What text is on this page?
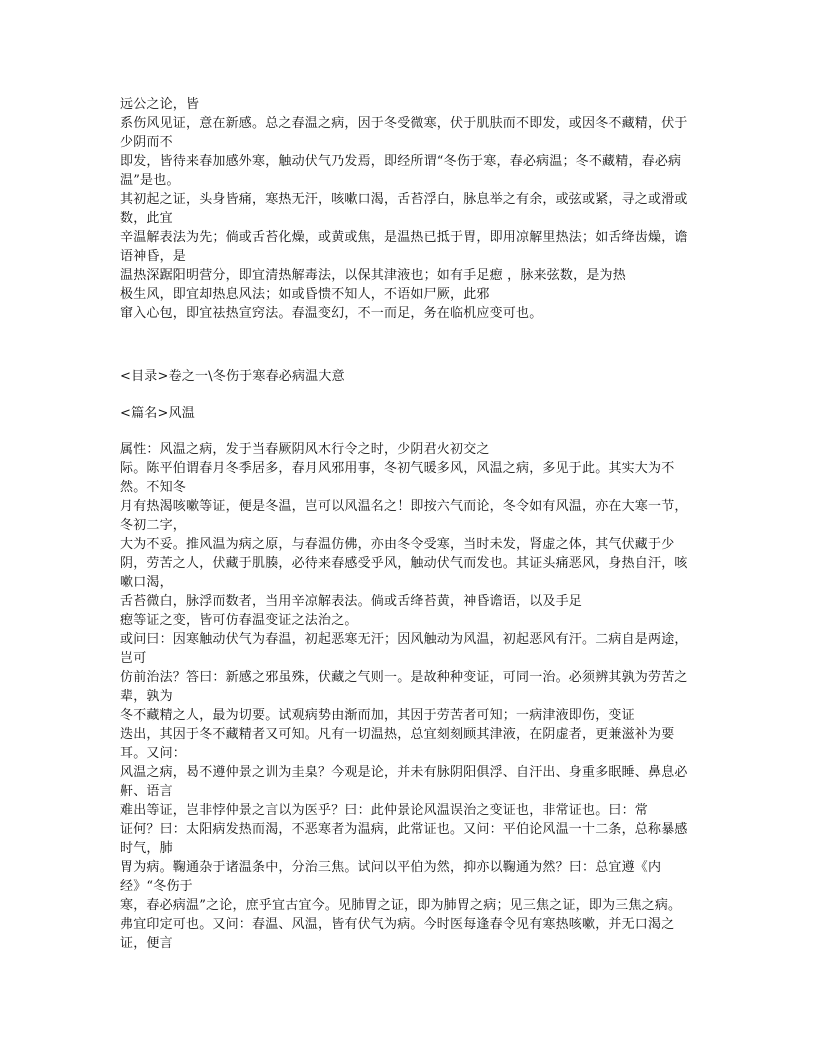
远公之论，皆
系伤风见证，意在新感。总之春温之病，因于冬受微寒，伏于肌肤而不即发，或因冬不藏精，伏于少阴而不
即发，皆待来春加感外寒，触动伏气乃发焉，即经所谓“冬伤于寒，春必病温；冬不藏精，春必病温”是也。
其初起之证，头身皆痛，寒热无汗，咳嗽口渴，舌苔浮白，脉息举之有余，或弦或紧，寻之或滑或数，此宜
辛温解表法为先；倘或舌苔化燥，或黄或焦，是温热已抵于胃，即用凉解里热法；如舌绛齿燥，谵语神昏，是
温热深踞阳明营分，即宜清热解毒法，以保其津液也；如有手足瘛 ，脉来弦数，是为热
极生风，即宜却热息风法；如或昏愦不知人，不语如尸厥，此邪
窜入心包，即宜祛热宣窍法。春温变幻，不一而足，务在临机应变可也。
<目录>卷之一\冬伤于寒春必病温大意
<篇名>风温
属性：风温之病，发于当春厥阴风木行令之时，少阴君火初交之
际。陈平伯谓春月冬季居多，春月风邪用事，冬初气暖多风，风温之病，多见于此。其实大为不然。不知冬
月有热渴咳嗽等证，便是冬温，岂可以风温名之！即按六气而论，冬令如有风温，亦在大寒一节，冬初二字，
大为不妥。推风温为病之原，与春温仿佛，亦由冬令受寒，当时未发，肾虚之体，其气伏藏于少阴，劳苦之人，伏藏于肌腠，必待来春感受乎风，触动伏气而发也。其证头痛恶风，身热自汗，咳嗽口渴，
舌苔微白，脉浮而数者，当用辛凉解表法。倘或舌绛苔黄，神昏谵语，以及手足
瘛等证之变，皆可仿春温变证之法治之。
或问曰：因寒触动伏气为春温，初起恶寒无汗；因风触动为风温，初起恶风有汗。二病自是两途，岂可
仿前治法？答曰：新感之邪虽殊，伏藏之气则一。是故种种变证，可同一治。必须辨其孰为劳苦之辈，孰为
冬不藏精之人，最为切要。试观病势由渐而加，其因于劳苦者可知；一病津液即伤，变证
迭出，其因于冬不藏精者又可知。凡有一切温热，总宜刻刻顾其津液，在阴虚者，更兼滋补为要耳。又问：
风温之病，曷不遵仲景之训为圭臬？今观是论，并未有脉阴阳俱浮、自汗出、身重多眠睡、鼻息必鼾、语言
难出等证，岂非悖仲景之言以为医乎？曰：此仲景论风温误治之变证也，非常证也。曰：常
证何？曰：太阳病发热而渴，不恶寒者为温病，此常证也。又问：平伯论风温一十二条，总称暴感时气，肺
胃为病。鞠通杂于诸温条中，分治三焦。试问以平伯为然，抑亦以鞠通为然？曰：总宜遵《内经》“冬伤于
寒，春必病温”之论，庶乎宜古宜今。见肺胃之证，即为肺胃之病；见三焦之证，即为三焦之病。
弗宜印定可也。又问：春温、风温，皆有伏气为病。今时医每逢春令见有寒热咳嗽，并无口渴之证，便言
